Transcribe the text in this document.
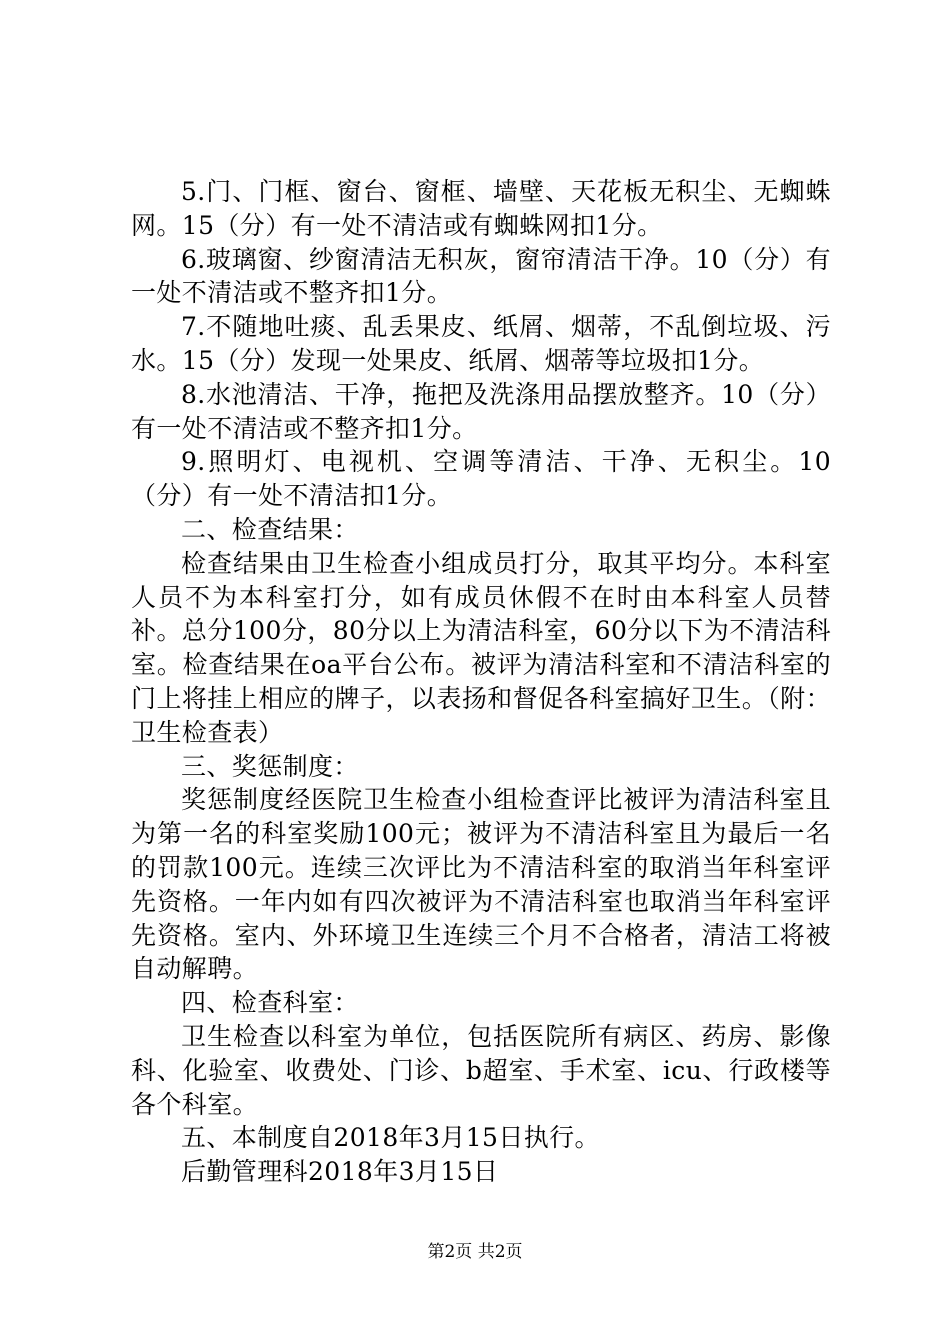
5.门、门框、窗台、窗框、墙壁、天花板无积尘、无蜘蛛网。15（分）有一处不清洁或有蜘蛛网扣1分。

6.玻璃窗、纱窗清洁无积灰，窗帘清洁干净。10（分）有一处不清洁或不整齐扣1分。

7.不随地吐痰、乱丢果皮、纸屑、烟蒂，不乱倒垃圾、污水。15（分）发现一处果皮、纸屑、烟蒂等垃圾扣1分。

8.水池清洁、干净，拖把及洗涤用品摆放整齐。10（分）有一处不清洁或不整齐扣1分。

9.照明灯、电视机、空调等清洁、干净、无积尘。10（分）有一处不清洁扣1分。

二、检查结果：

检查结果由卫生检查小组成员打分，取其平均分。本科室人员不为本科室打分，如有成员休假不在时由本科室人员替补。总分100分，80分以上为清洁科室，60分以下为不清洁科室。检查结果在oa平台公布。被评为清洁科室和不清洁科室的门上将挂上相应的牌子，以表扬和督促各科室搞好卫生。（附：卫生检查表）

三、奖惩制度：

奖惩制度经医院卫生检查小组检查评比被评为清洁科室且为第一名的科室奖励100元；被评为不清洁科室且为最后一名的罚款100元。连续三次评比为不清洁科室的取消当年科室评先资格。一年内如有四次被评为不清洁科室也取消当年科室评先资格。室内、外环境卫生连续三个月不合格者，清洁工将被自动解聘。

四、检查科室：

卫生检查以科室为单位，包括医院所有病区、药房、影像科、化验室、收费处、门诊、b超室、手术室、icu、行政楼等各个科室。

五、本制度自2018年3月15日执行。

后勤管理科2018年3月15日

第2页 共2页
